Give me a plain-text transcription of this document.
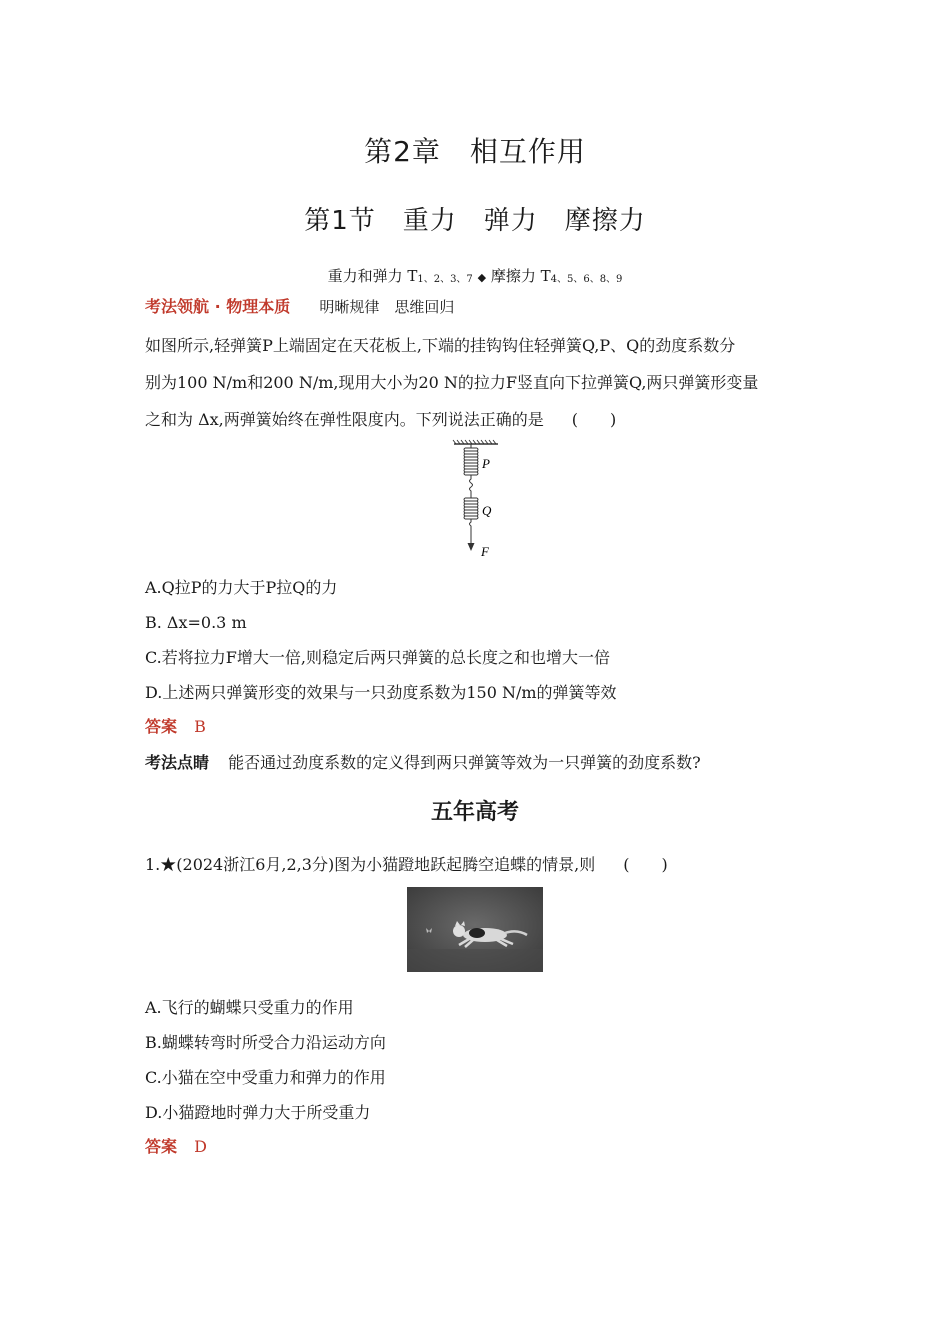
第2章　相互作用
第1节　重力　弹力　摩擦力
重力和弹力 $T_{1、2、3、7}$ ◆ 摩擦力 $T_{4、5、6、8、9}$
考法领航 · 物理本质 明晰规律　思维回归
如图所示,轻弹簧P上端固定在天花板上,下端的挂钩钩住轻弹簧Q,P、Q的劲度系数分
别为100 N/m和200 N/m,现用大小为20 N的拉力F竖直向下拉弹簧Q,两只弹簧形变量
之和为 Δx,两弹簧始终在弹性限度内。下列说法正确的是 (　　)
P
Q
F
A.Q拉P的力大于P拉Q的力
B. Δx=0.3 m
C.若将拉力F增大一倍,则稳定后两只弹簧的总长度之和也增大一倍
D.上述两只弹簧形变的效果与一只劲度系数为150 N/m的弹簧等效
答案 B
考法点睛 能否通过劲度系数的定义得到两只弹簧等效为一只弹簧的劲度系数?
五年高考
1.★(2024浙江6月,2,3分)图为小猫蹬地跃起腾空追蝶的情景,则 (　　)
A.飞行的蝴蝶只受重力的作用
B.蝴蝶转弯时所受合力沿运动方向
C.小猫在空中受重力和弹力的作用
D.小猫蹬地时弹力大于所受重力
答案 D
